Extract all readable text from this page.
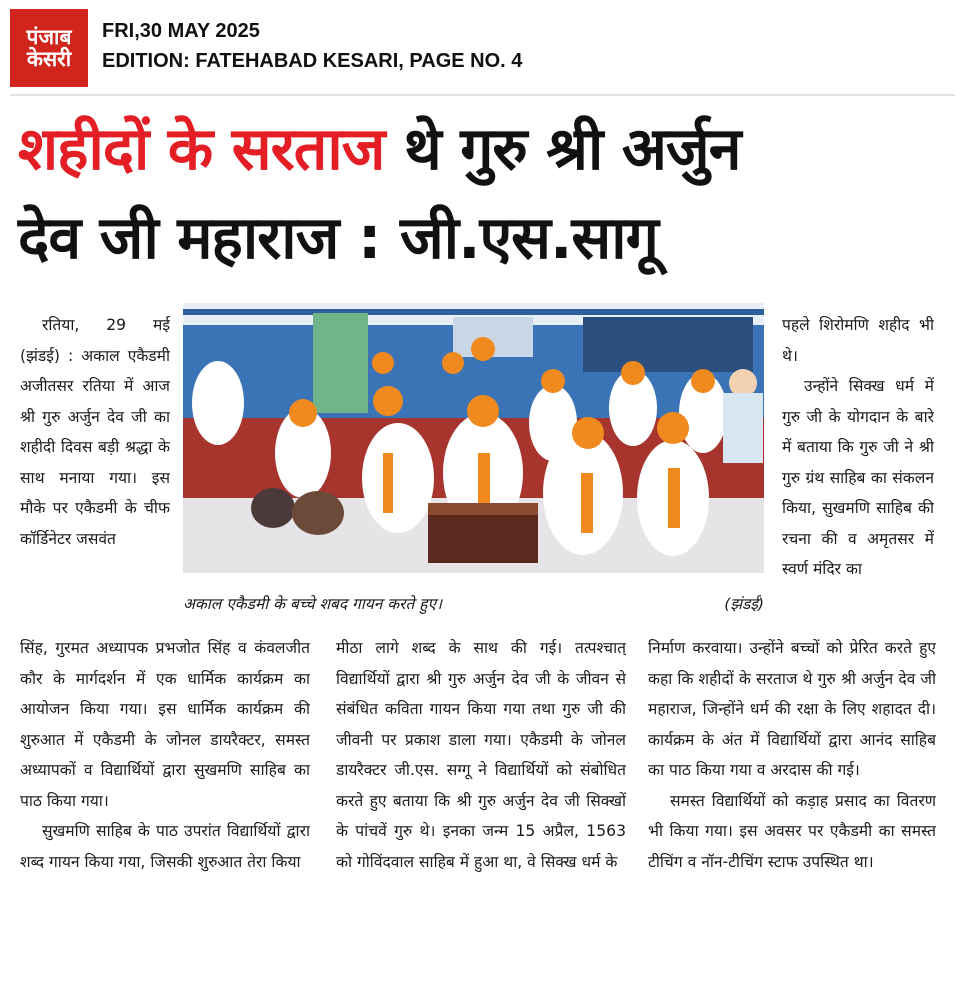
पंजाब
केसरी
FRI,30 MAY 2025
EDITION: FATEHABAD KESARI, PAGE NO. 4
शहीदों के सरताज थे गुरु श्री अर्जुन
देव जी महाराज : जी.एस.सागू

रतिया, 29 मई (झंडई) : अकाल एकैडमी अजीतसर रतिया में आज श्री गुरु अर्जुन देव जी का शहीदी दिवस बड़ी श्रद्धा के साथ मनाया गया। इस मौके पर एकैडमी के चीफ कॉर्डिनेटर जसवंत

अकाल एकैडमी के बच्चे शबद गायन करते हुए।	(झंडई)

सिंह, गुरमत अध्यापक प्रभजोत सिंह व कंवलजीत कौर के मार्गदर्शन में एक धार्मिक कार्यक्रम का आयोजन किया गया। इस धार्मिक कार्यक्रम की शुरुआत में एकैडमी के जोनल डायरैक्टर, समस्त अध्यापकों व विद्यार्थियों द्वारा सुखमणि साहिब का पाठ किया गया।

सुखमणि साहिब के पाठ उपरांत विद्यार्थियों द्वारा शब्द गायन किया गया, जिसकी शुरुआत तेरा किया

मीठा लागे शब्द के साथ की गई। तत्पश्चात् विद्यार्थियों द्वारा श्री गुरु अर्जुन देव जी के जीवन से संबंधित कविता गायन किया गया तथा गुरु जी की जीवनी पर प्रकाश डाला गया। एकैडमी के जोनल डायरैक्टर जी.एस. सग्गू ने विद्यार्थियों को संबोधित करते हुए बताया कि श्री गुरु अर्जुन देव जी सिक्खों के पांचवें गुरु थे। इनका जन्म 15 अप्रैल, 1563 को गोविंदवाल साहिब में हुआ था, वे सिक्ख धर्म के

पहले शिरोमणि शहीद भी थे।

उन्होंने सिक्ख धर्म में गुरु जी के योगदान के बारे में बताया कि गुरु जी ने श्री गुरु ग्रंथ साहिब का संकलन किया, सुखमणि साहिब की रचना की व अमृतसर में स्वर्ण मंदिर का

निर्माण करवाया। उन्होंने बच्चों को प्रेरित करते हुए कहा कि शहीदों के सरताज थे गुरु श्री अर्जुन देव जी महाराज, जिन्होंने धर्म की रक्षा के लिए शहादत दी। कार्यक्रम के अंत में विद्यार्थियों द्वारा आनंद साहिब का पाठ किया गया व अरदास की गई।

समस्त विद्यार्थियों को कड़ाह प्रसाद का वितरण भी किया गया। इस अवसर पर एकैडमी का समस्त टीचिंग व नॉन-टीचिंग स्टाफ उपस्थित था।
